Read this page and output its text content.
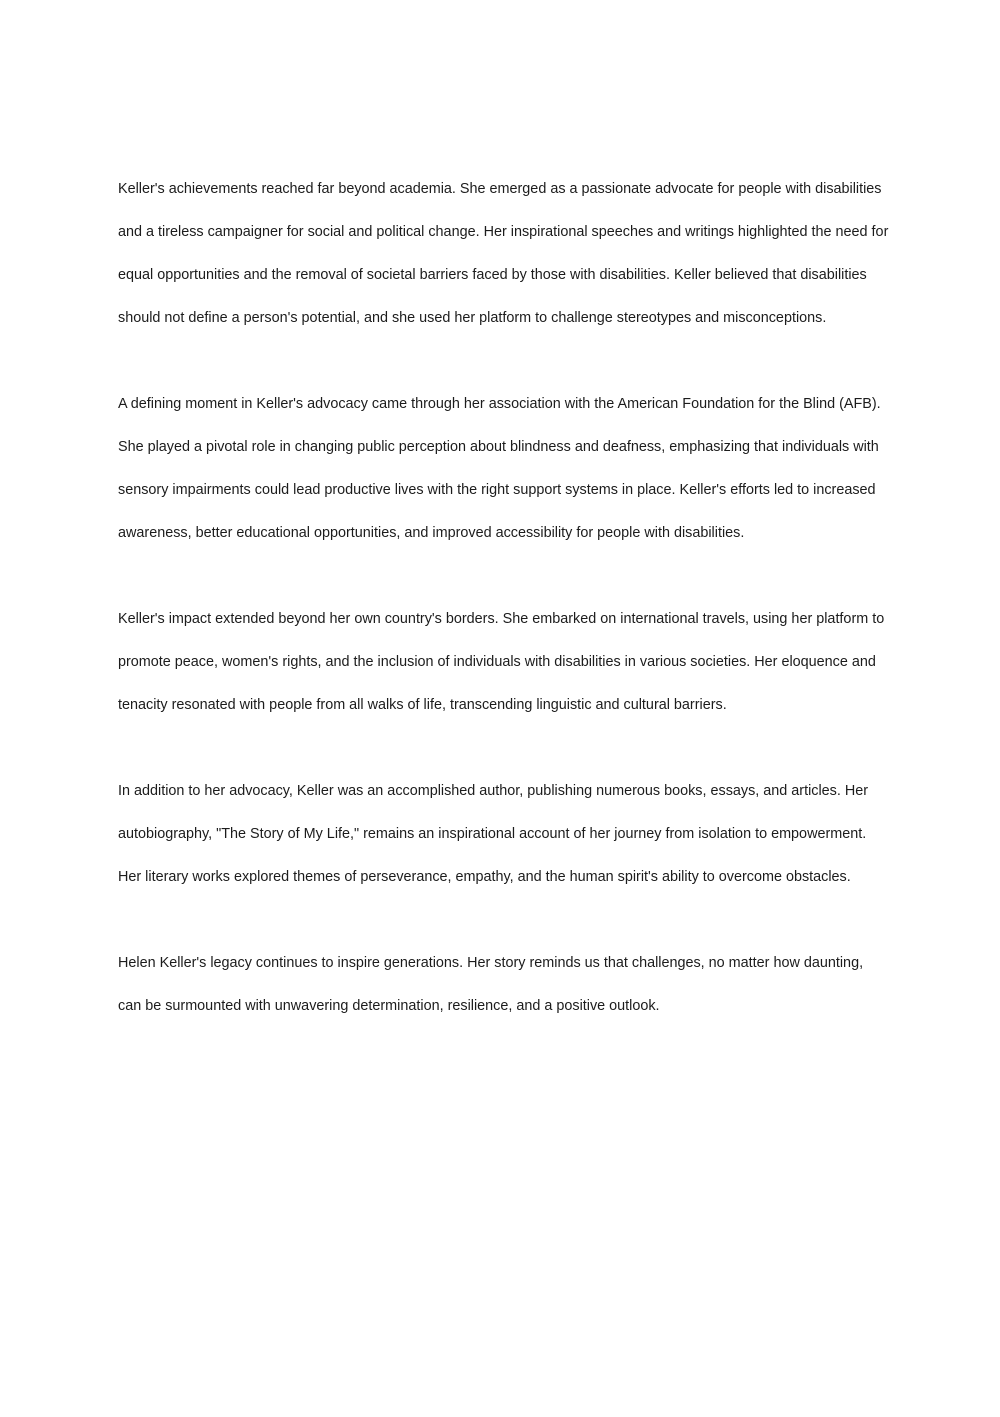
Keller's achievements reached far beyond academia. She emerged as a passionate advocate for people with disabilities and a tireless campaigner for social and political change. Her inspirational speeches and writings highlighted the need for equal opportunities and the removal of societal barriers faced by those with disabilities. Keller believed that disabilities should not define a person's potential, and she used her platform to challenge stereotypes and misconceptions.

A defining moment in Keller's advocacy came through her association with the American Foundation for the Blind (AFB). She played a pivotal role in changing public perception about blindness and deafness, emphasizing that individuals with sensory impairments could lead productive lives with the right support systems in place. Keller's efforts led to increased awareness, better educational opportunities, and improved accessibility for people with disabilities.

Keller's impact extended beyond her own country's borders. She embarked on international travels, using her platform to promote peace, women's rights, and the inclusion of individuals with disabilities in various societies. Her eloquence and tenacity resonated with people from all walks of life, transcending linguistic and cultural barriers.

In addition to her advocacy, Keller was an accomplished author, publishing numerous books, essays, and articles. Her autobiography, "The Story of My Life," remains an inspirational account of her journey from isolation to empowerment. Her literary works explored themes of perseverance, empathy, and the human spirit's ability to overcome obstacles.

Helen Keller's legacy continues to inspire generations. Her story reminds us that challenges, no matter how daunting, can be surmounted with unwavering determination, resilience, and a positive outlook.
